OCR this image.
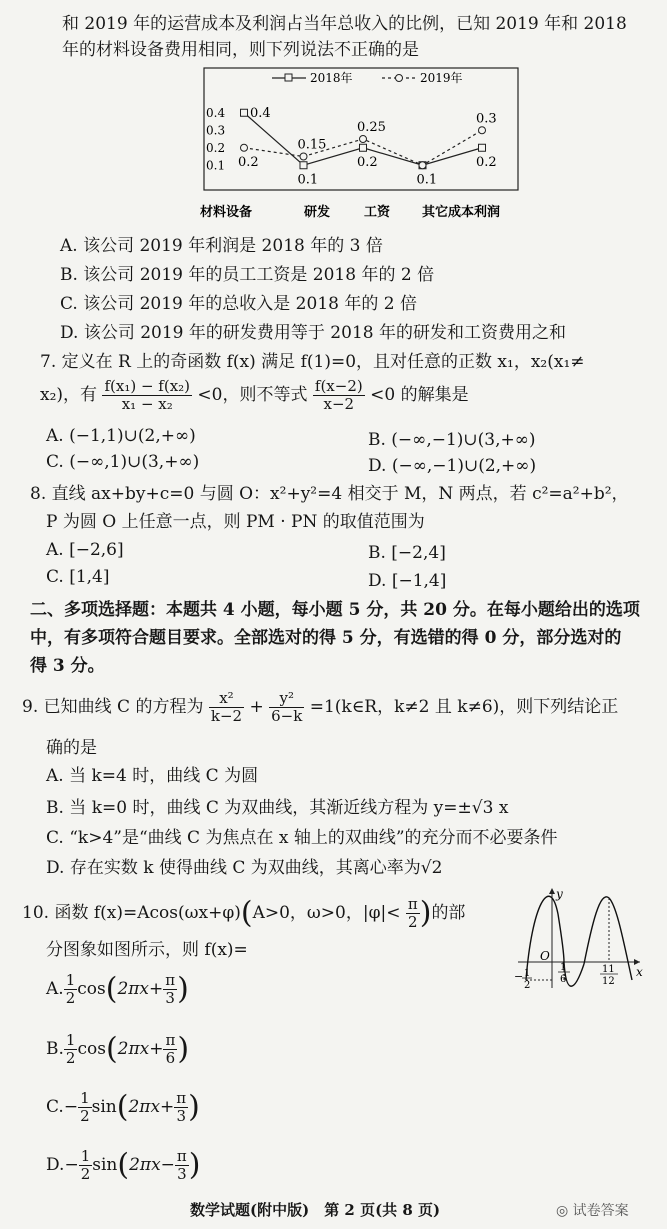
和 2019 年的运营成本及利润占当年总收入的比例，已知 2019 年和 2018
年的材料设备费用相同，则下列说法不正确的是
2018年	2019年
0.4
0.3
0.2
0.1
0.4
0.1
0.2
0.1
0.2
0.2
0.15
0.25
0.3
材料设备	研发	工资 其它成本 利润
A. 该公司 2019 年利润是 2018 年的 3 倍
B. 该公司 2019 年的员工工资是 2018 年的 2 倍
C. 该公司 2019 年的总收入是 2018 年的 2 倍
D. 该公司 2019 年的研发费用等于 2018 年的研发和工资费用之和
7. 定义在 R 上的奇函数 f(x) 满足 f(1)=0，且对任意的正数 x₁，x₂(x₁≠
x₂)，有 $\frac{\text{f(x₁) − f(x₂)}}{\text{x₁ − x₂}} <0$，则不等式 $\frac{f(x-2)}{x-2} <0$ 的解集是
A. (−1,1)∪(2,+∞)	B. (−∞,−1)∪(3,+∞)
C. (−∞,1)∪(3,+∞)	D. (−∞,−1)∪(2,+∞)
8. 直线 ax+by+c=0 与圆 O：x²+y²=4 相交于 M，N 两点，若 c²=a²+b²，
P 为圆 O 上任意一点，则 PM · PN 的取值范围为
A. [−2,6]	B. [−2,4]
C. [1,4]	D. [−1,4]
二、多项选择题：本题共 4 小题，每小题 5 分，共 20 分。在每小题给出的选项
中，有多项符合题目要求。全部选对的得 5 分，有选错的得 0 分，部分选对的
得 3 分。
9. 已知曲线 C 的方程为 $\frac{\text{x²}}{k-2} + \frac{\text{y²}}{6-k}$ =1(k∈R，k≠2 且 k≠6)，则下列结论正
确的是
A. 当 k=4 时，曲线 C 为圆
B. 当 k=0 时，曲线 C 为双曲线，其渐近线方程为 y=±√3 x
C. “k>4”是“曲线 C 为焦点在 x 轴上的双曲线”的充分而不必要条件
D. 存在实数 k 使得曲线 C 为双曲线，其离心率为√2
10. 函数 f(x)=Acos(ωx+φ)(A>0，ω>0，$|\varphi|< \frac{\pi}{2}$ )的部
分图象如图所示，则 f(x)=
A. $\frac{1}{2} \cos(2\pi x+ \frac{\pi}{3}$ )
B. $\frac{1}{2} \cos(2\pi x+ \frac{\pi}{6}$ )
$C.- \frac{1}{2} \sin(2\pi x+ \frac{\pi}{3}$ )
$D.- \frac{1}{2} \sin(2\pi x- \frac{\pi}{3}$ )
y
x
O
1
6
11
12
− 1
2
数学试题(附中版)　第 2 页(共 8 页)	◎ 试卷答案
